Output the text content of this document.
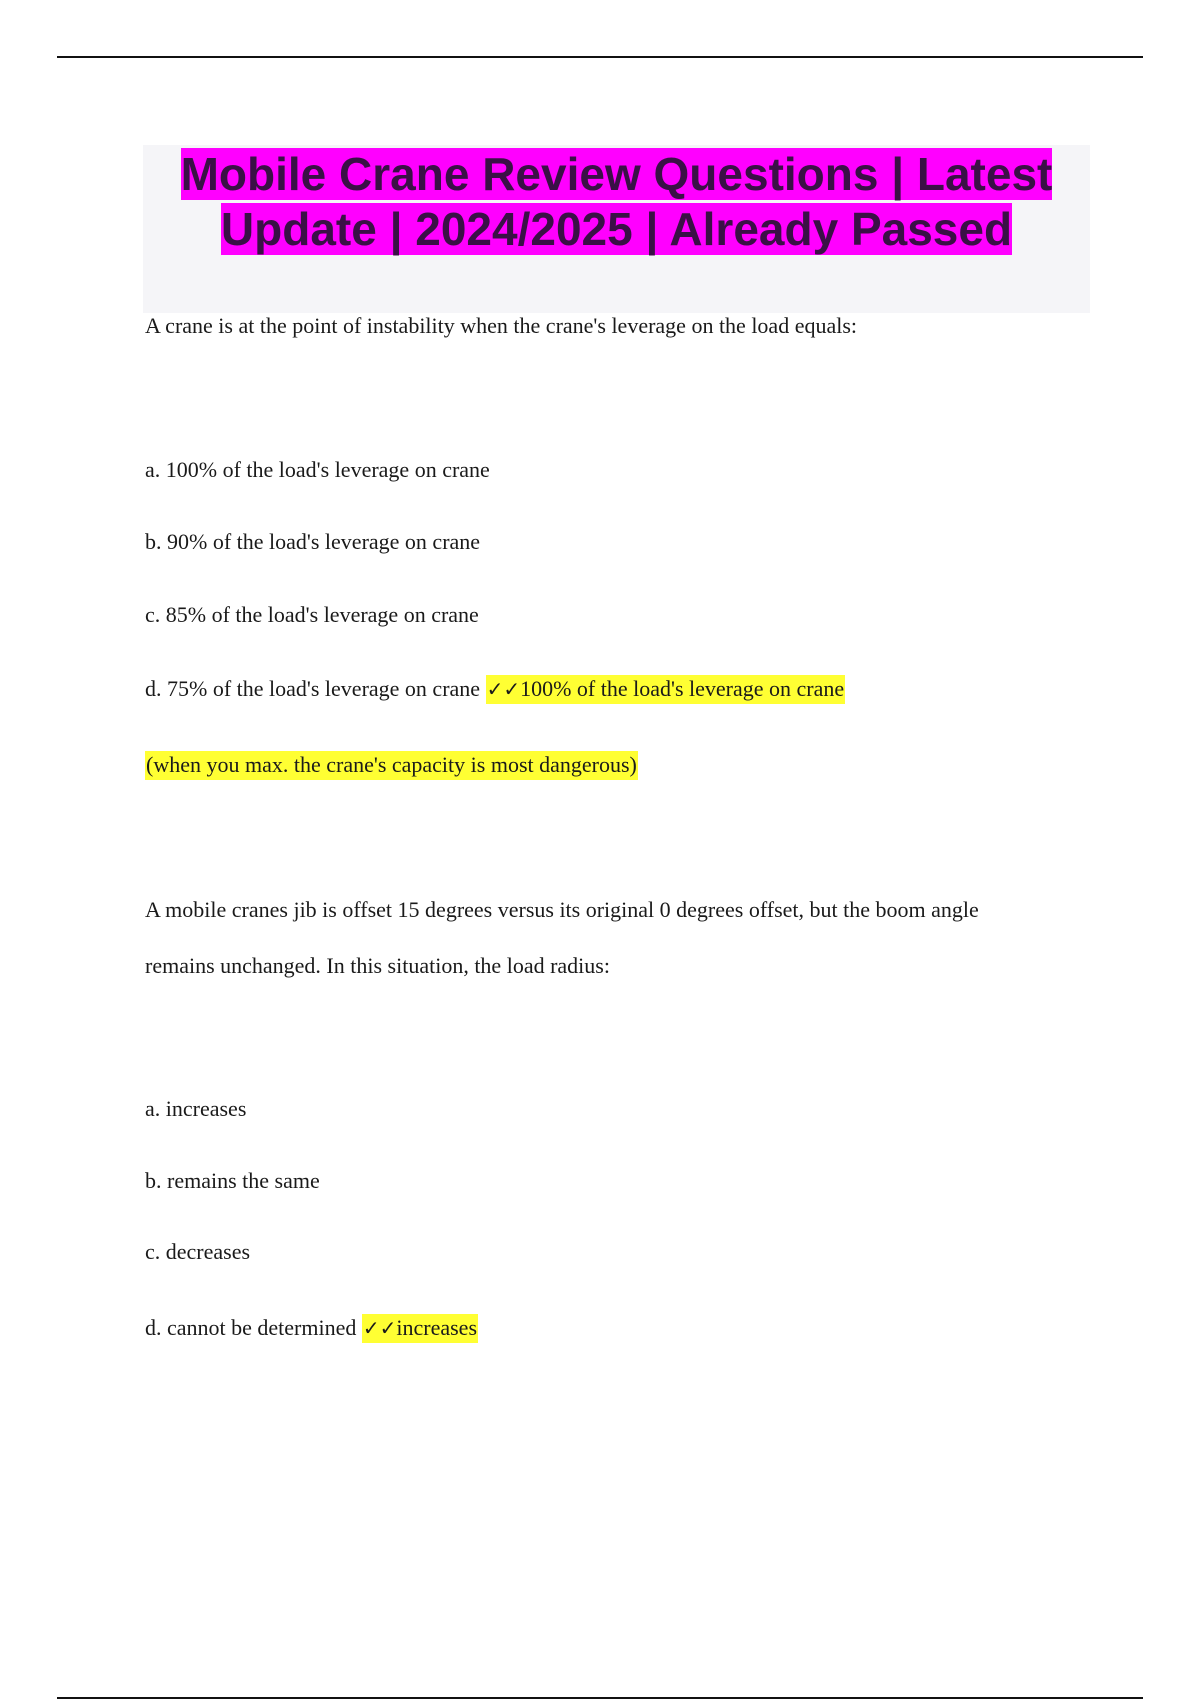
Mobile Crane Review Questions | Latest Update | 2024/2025 | Already Passed

A crane is at the point of instability when the crane's leverage on the load equals:

a. 100% of the load's leverage on crane

b. 90% of the load's leverage on crane

c. 85% of the load's leverage on crane

d. 75% of the load's leverage on crane ✓✓100% of the load's leverage on crane

(when you max. the crane's capacity is most dangerous)

A mobile cranes jib is offset 15 degrees versus its original 0 degrees offset, but the boom angle

remains unchanged. In this situation, the load radius:

a. increases

b. remains the same

c. decreases

d. cannot be determined ✓✓increases
